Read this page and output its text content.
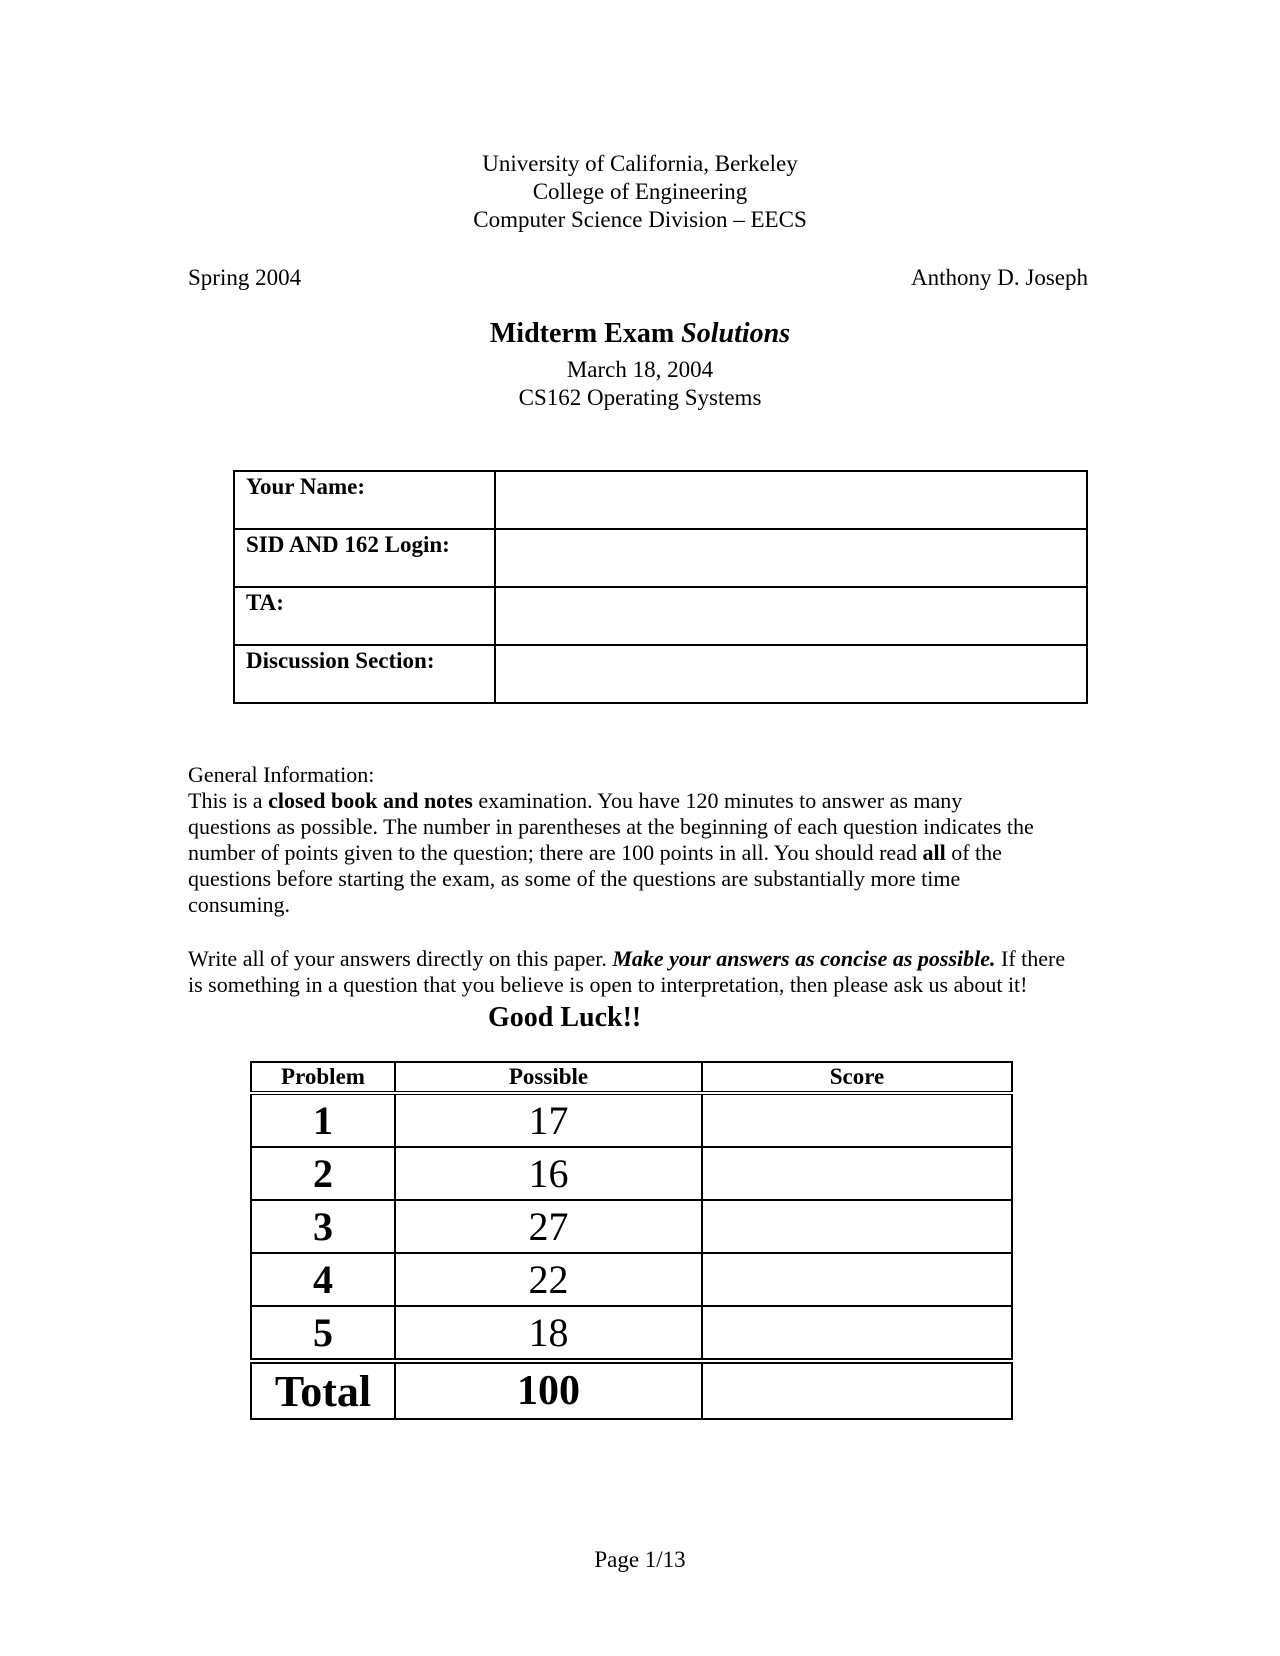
University of California, Berkeley
College of Engineering
Computer Science Division – EECS
Spring 2004	Anthony D. Joseph
Midterm Exam Solutions
March 18, 2004
CS162 Operating Systems
Your Name:	
SID AND 162 Login:	
TA:	
Discussion Section:	
General Information:
This is a closed book and notes examination. You have 120 minutes to answer as many
questions as possible. The number in parentheses at the beginning of each question indicates the
number of points given to the question; there are 100 points in all. You should read all of the
questions before starting the exam, as some of the questions are substantially more time
consuming.
Write all of your answers directly on this paper. Make your answers as concise as possible. If there
is something in a question that you believe is open to interpretation, then please ask us about it!
Good Luck!!
Problem	Possible	Score
1	17	
2	16	
3	27	
4	22	
5	18	
Total	100	
Page 1/13
